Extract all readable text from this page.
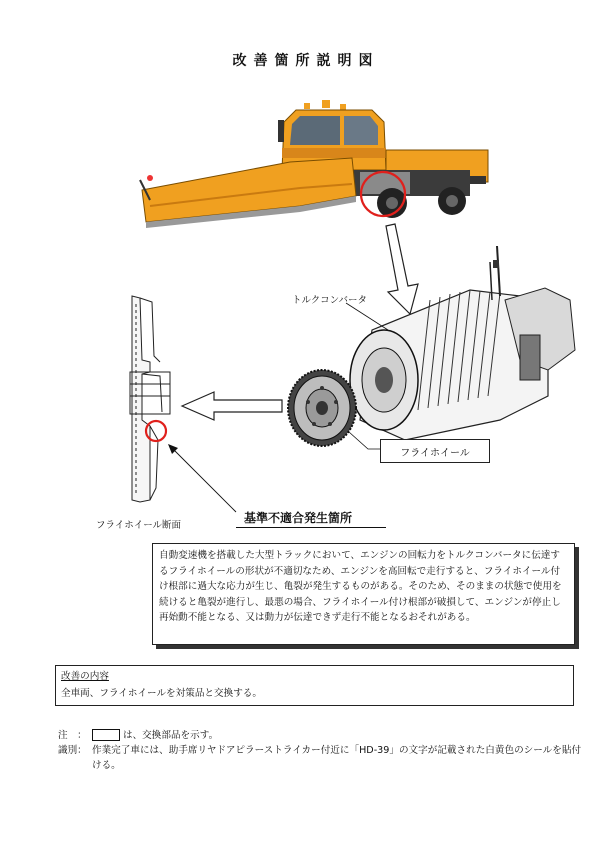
改善箇所説明図
トルクコンバータ
フライホイール
フライホイール断面
基準不適合発生箇所
自動変速機を搭載した大型トラックにおいて、エンジンの回転力をトルクコンバータに伝達するフライホイールの形状が不適切なため、エンジンを高回転で走行すると、フライホイール付け根部に過大な応力が生じ、亀裂が発生するものがある。そのため、そのままの状態で使用を続けると亀裂が進行し、最悪の場合、フライホイール付け根部が破損して、エンジンが停止し再始動不能となる、又は動力が伝達できず走行不能となるおそれがある。
改善の内容
全車両、フライホイールを対策品と交換する。
注　：	は、交換部品を示す。
識別： 作業完了車には、助手席リヤドアピラーストライカー付近に「HD-39」の文字が記載された白黄色のシールを貼付ける。
